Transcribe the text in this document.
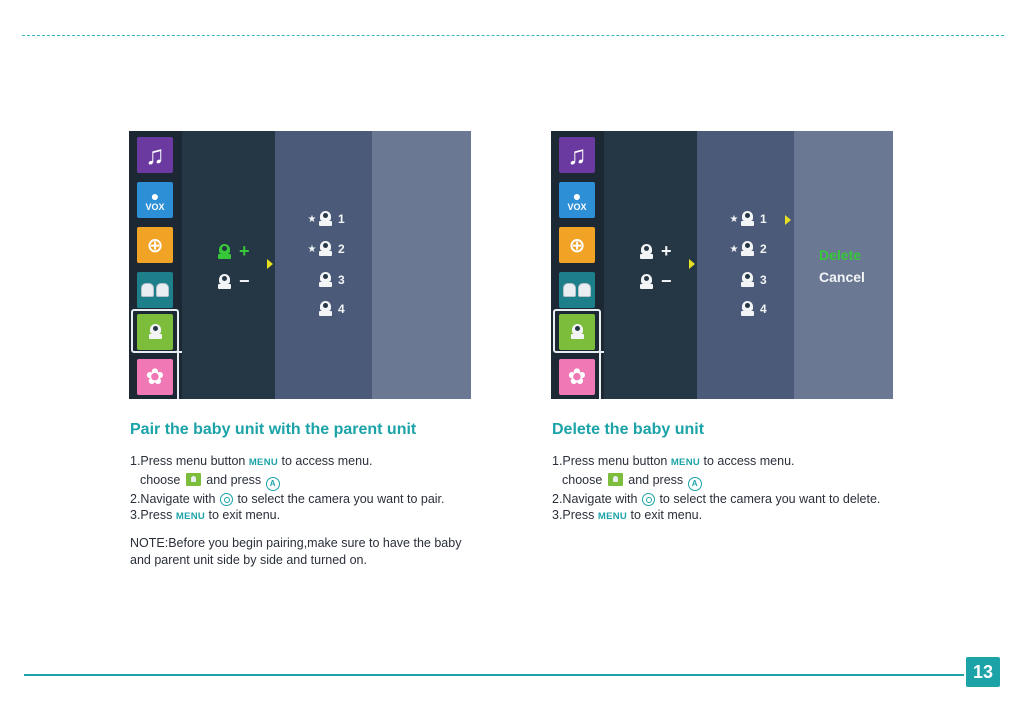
♫
●
VOX
⊕
✿
+
−
★ 1
★ 2
3
4
♫
●
VOX
⊕
✿
+
−
★ 1
★ 2
3
4
Delete
Cancel
Pair the baby unit with the parent unit
1.Press menu button MENU to access menu.
choose and press A
2.Navigate with to select the camera you want to pair.
3.Press MENU to exit menu.
NOTE:Before you begin pairing,make sure to have the baby
and parent unit side by side and turned on.
Delete the baby unit
1.Press menu button MENU to access menu.
choose and press A
2.Navigate with to select the camera you want to delete.
3.Press MENU to exit menu.
13
